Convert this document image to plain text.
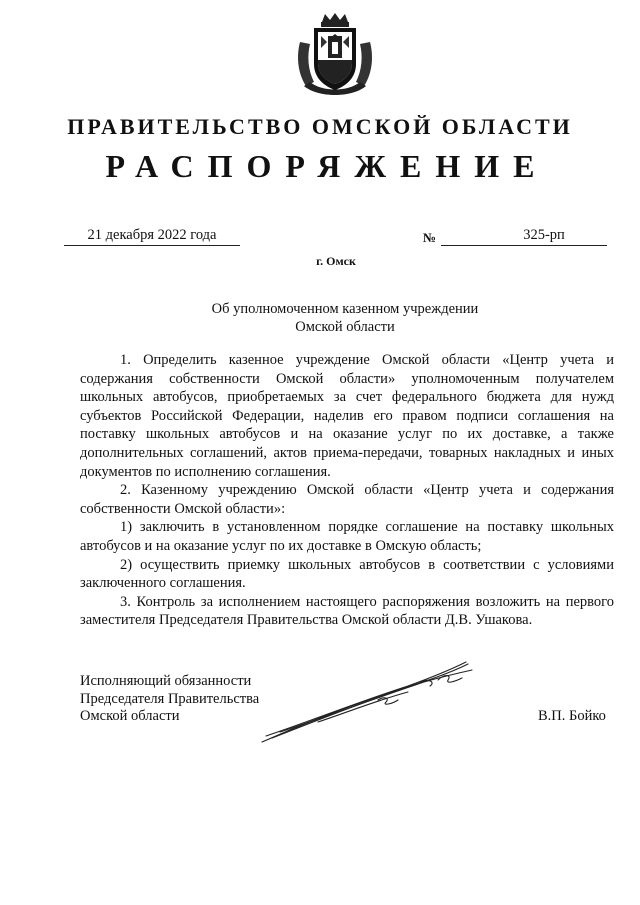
ПРАВИТЕЛЬСТВО ОМСКОЙ ОБЛАСТИ
РАСПОРЯЖЕНИЕ
21 декабря 2022 года	№	325-рп
г. Омск
Об уполномоченном казенном учреждении
Омской области

1. Определить казенное учреждение Омской области «Центр учета и содержания собственности Омской области» уполномоченным получателем школьных автобусов, приобретаемых за счет федерального бюджета для нужд субъектов Российской Федерации, наделив его правом подписи соглашения на поставку школьных автобусов и на оказание услуг по их доставке, а также дополнительных соглашений, актов приема-передачи, товарных накладных и иных документов по исполнению соглашения.

2. Казенному учреждению Омской области «Центр учета и содержания собственности Омской области»:

1) заключить в установленном порядке соглашение на поставку школьных автобусов и на оказание услуг по их доставке в Омскую область;

2) осуществить приемку школьных автобусов в соответствии с условиями заключенного соглашения.

3. Контроль за исполнением настоящего распоряжения возложить на первого заместителя Председателя Правительства Омской области Д.В. Ушакова.

Исполняющий обязанности
Председателя Правительства
Омской области	В.П. Бойко
